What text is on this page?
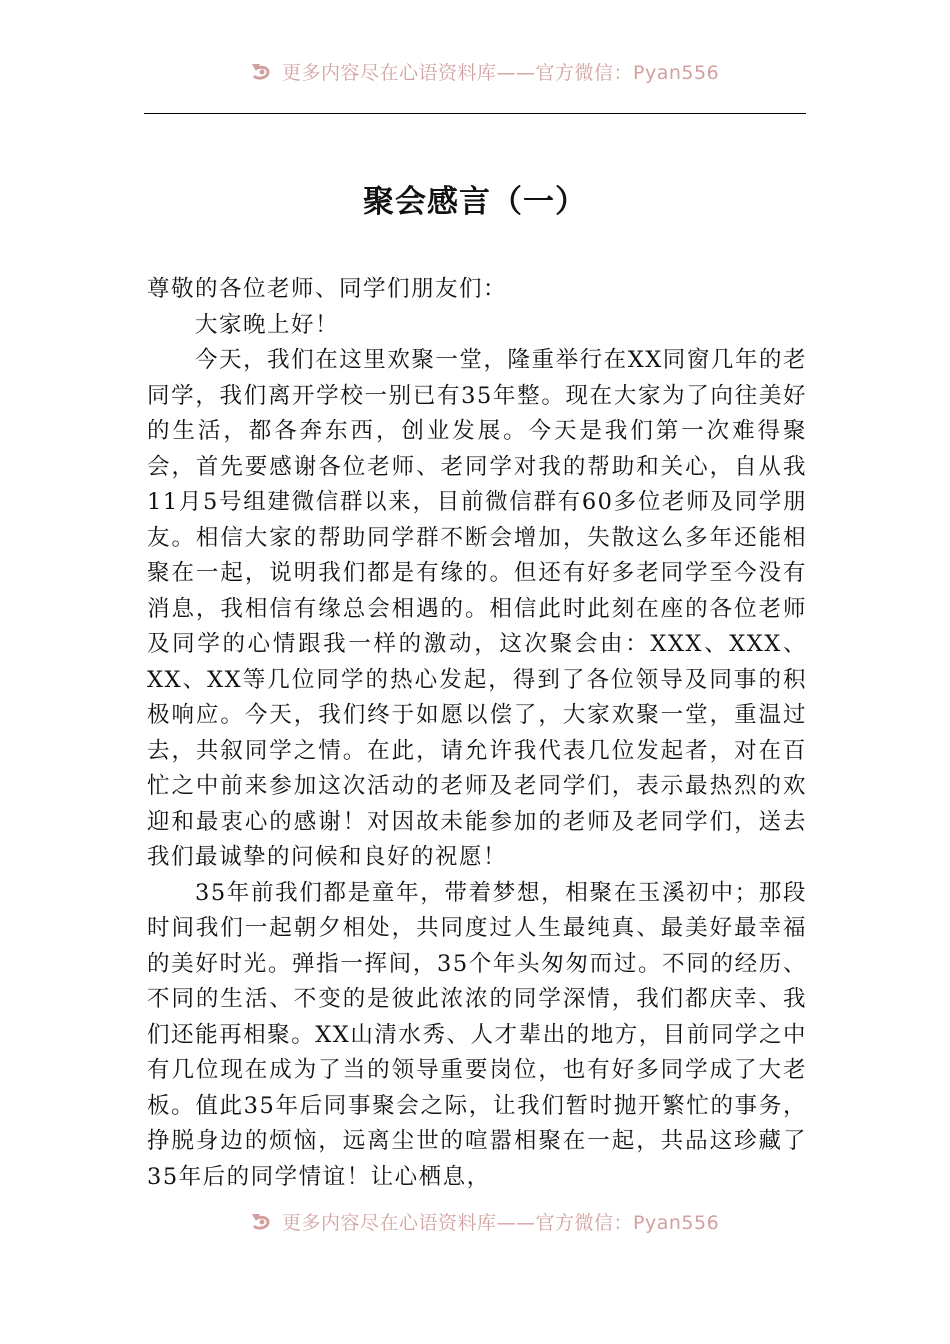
更多内容尽在心语资料库——官方微信：Pyan556
聚会感言（一）

尊敬的各位老师、同学们朋友们：

大家晚上好！

今天，我们在这里欢聚一堂，隆重举行在XX同窗几年的老同学，我们离开学校一别已有35年整。现在大家为了向往美好的生活，都各奔东西，创业发展。今天是我们第一次难得聚会，首先要感谢各位老师、老同学对我的帮助和关心，自从我11月5号组建微信群以来，目前微信群有60多位老师及同学朋友。相信大家的帮助同学群不断会增加，失散这么多年还能相聚在一起，说明我们都是有缘的。但还有好多老同学至今没有消息，我相信有缘总会相遇的。相信此时此刻在座的各位老师及同学的心情跟我一样的激动，这次聚会由：XXX、XXX、XX、XX等几位同学的热心发起，得到了各位领导及同事的积极响应。今天，我们终于如愿以偿了，大家欢聚一堂，重温过去，共叙同学之情。在此，请允许我代表几位发起者，对在百忙之中前来参加这次活动的老师及老同学们，表示最热烈的欢迎和最衷心的感谢！对因故未能参加的老师及老同学们，送去我们最诚挚的问候和良好的祝愿！

35年前我们都是童年，带着梦想，相聚在玉溪初中；那段时间我们一起朝夕相处，共同度过人生最纯真、最美好最幸福的美好时光。弹指一挥间，35个年头匆匆而过。不同的经历、不同的生活、不变的是彼此浓浓的同学深情，我们都庆幸、我们还能再相聚。XX山清水秀、人才辈出的地方，目前同学之中有几位现在成为了当的领导重要岗位，也有好多同学成了大老板。值此35年后同事聚会之际，让我们暂时抛开繁忙的事务，挣脱身边的烦恼，远离尘世的喧嚣相聚在一起，共品这珍藏了35年后的同学情谊！让心栖息，

更多内容尽在心语资料库——官方微信：Pyan556
